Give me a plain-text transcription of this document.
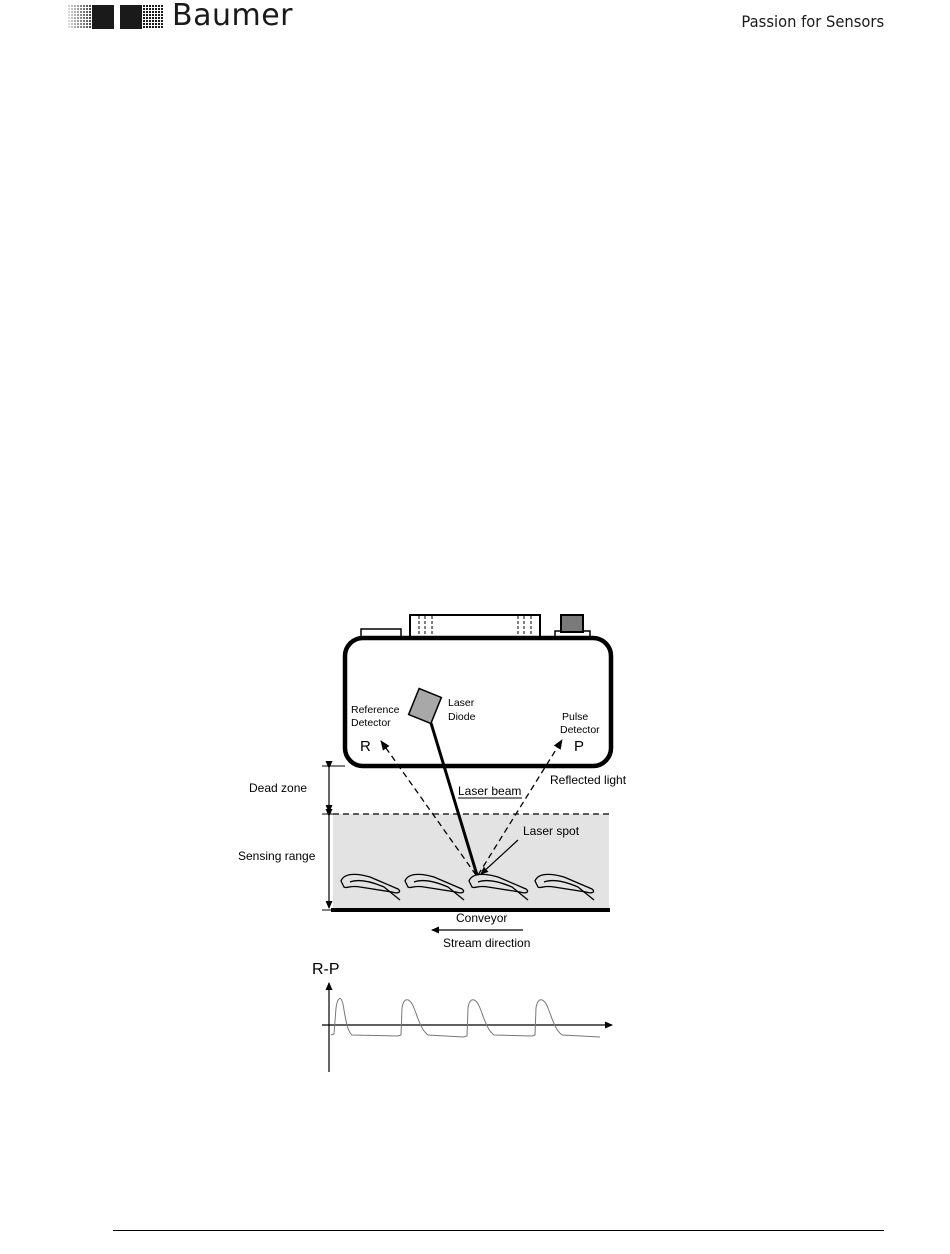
Baumer	Passion for Sensors
Reference
Detector
R
Laser
Diode	Pulse
Detector
P
Dead zone	Laser beam
Reflected light
Laser spot
Sensing range
Conveyor
Stream direction
R-P
